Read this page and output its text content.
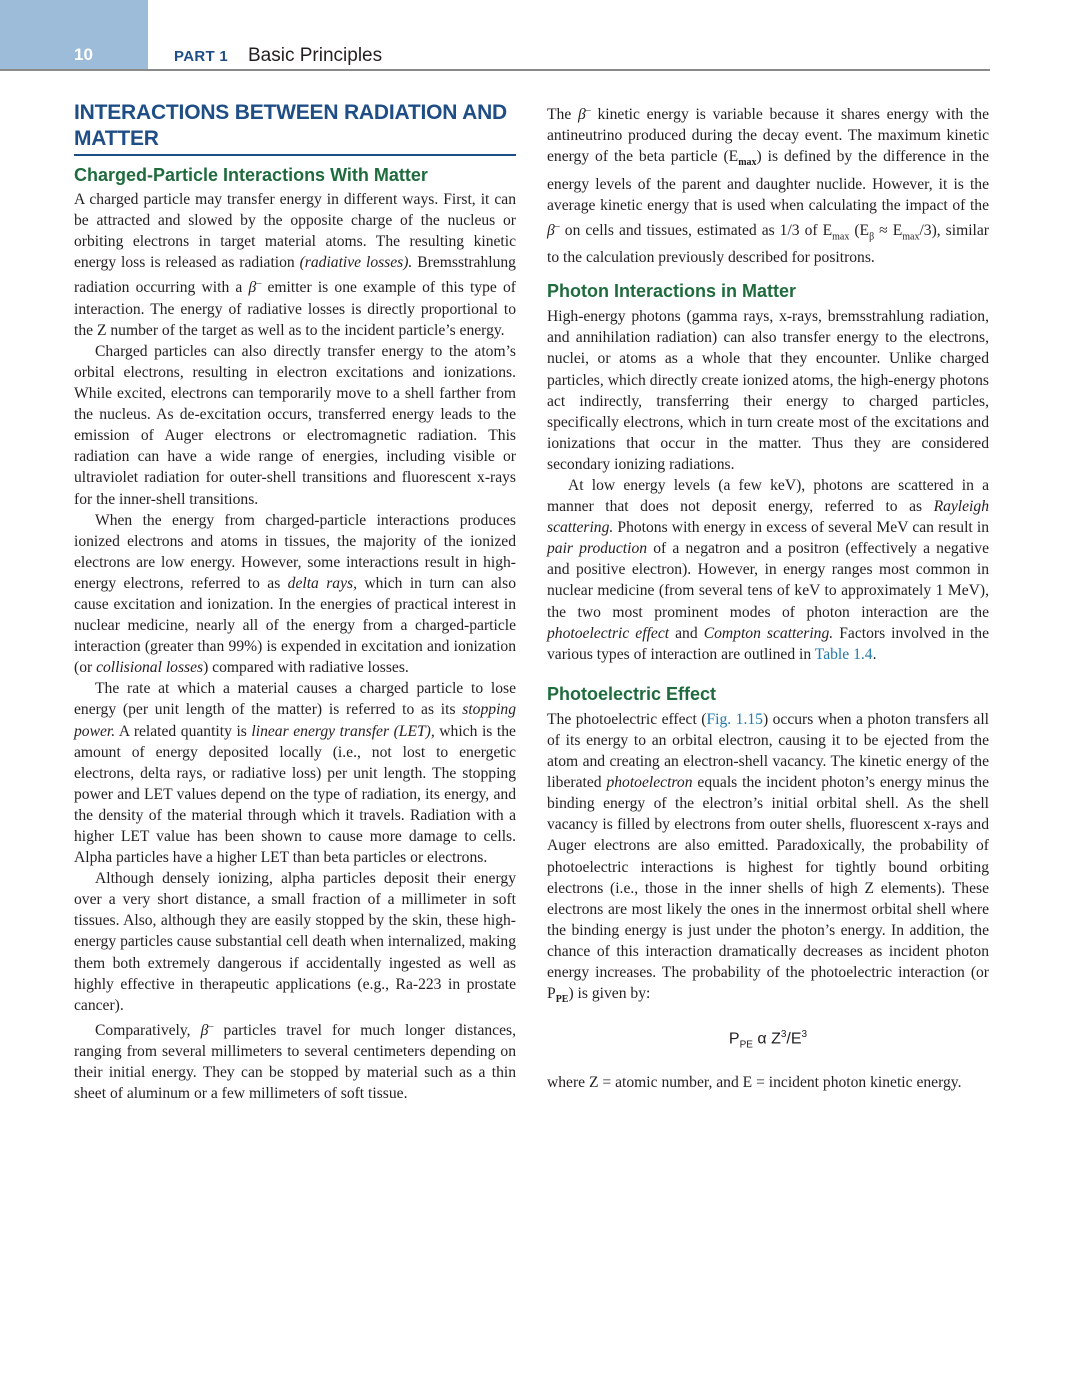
10	PART 1 Basic Principles
INTERACTIONS BETWEEN RADIATION AND MATTER
Charged-Particle Interactions With Matter

A charged particle may transfer energy in different ways. First, it can be attracted and slowed by the opposite charge of the nucleus or orbiting electrons in target material atoms. The resulting kinetic energy loss is released as radiation (radiative losses). Bremsstrahlung radiation occurring with a β– emitter is one example of this type of interaction. The energy of radiative losses is directly proportional to the Z number of the target as well as to the incident particle’s energy.

Charged particles can also directly transfer energy to the atom’s orbital electrons, resulting in electron excitations and ionizations. While excited, electrons can temporarily move to a shell farther from the nucleus. As de-excitation occurs, transferred energy leads to the emission of Auger electrons or electromagnetic radiation. This radiation can have a wide range of energies, including visible or ultraviolet radiation for outer-shell transitions and fluorescent x-rays for the inner-shell transitions.

When the energy from charged-particle interactions produces ionized electrons and atoms in tissues, the majority of the ionized electrons are low energy. However, some interactions result in high-energy electrons, referred to as delta rays, which in turn can also cause excitation and ionization. In the energies of practical interest in nuclear medicine, nearly all of the energy from a charged-particle interaction (greater than 99%) is expended in excitation and ionization (or collisional losses) compared with radiative losses.

The rate at which a material causes a charged particle to lose energy (per unit length of the matter) is referred to as its stopping power. A related quantity is linear energy transfer (LET), which is the amount of energy deposited locally (i.e., not lost to energetic electrons, delta rays, or radiative loss) per unit length. The stopping power and LET values depend on the type of radiation, its energy, and the density of the material through which it travels. Radiation with a higher LET value has been shown to cause more damage to cells. Alpha particles have a higher LET than beta particles or electrons.

Although densely ionizing, alpha particles deposit their energy over a very short distance, a small fraction of a millimeter in soft tissues. Also, although they are easily stopped by the skin, these high-energy particles cause substantial cell death when internalized, making them both extremely dangerous if accidentally ingested as well as highly effective in therapeutic applications (e.g., Ra-223 in prostate cancer).

Comparatively, β– particles travel for much longer distances, ranging from several millimeters to several centimeters depending on their initial energy. They can be stopped by material such as a thin sheet of aluminum or a few millimeters of soft tissue.

The β– kinetic energy is variable because it shares energy with the antineutrino produced during the decay event. The maximum kinetic energy of the beta particle $(E_{max})$ is defined by the difference in the energy levels of the parent and daughter nuclide. However, it is the average kinetic energy that is used when calculating the impact of the β– on cells and tissues, estimated as 1/3 of $E_{max}$ $(E_\beta \approx E_{max}/3)$, similar to the calculation previously described for positrons.

Photon Interactions in Matter

High-energy photons (gamma rays, x-rays, bremsstrahlung radiation, and annihilation radiation) can also transfer energy to the electrons, nuclei, or atoms as a whole that they encounter. Unlike charged particles, which directly create ionized atoms, the high-energy photons act indirectly, transferring their energy to charged particles, specifically electrons, which in turn create most of the excitations and ionizations that occur in the matter. Thus they are considered secondary ionizing radiations.

At low energy levels (a few keV), photons are scattered in a manner that does not deposit energy, referred to as Rayleigh scattering. Photons with energy in excess of several MeV can result in pair production of a negatron and a positron (effectively a negative and positive electron). However, in energy ranges most common in nuclear medicine (from several tens of keV to approximately 1 MeV), the two most prominent modes of photon interaction are the photoelectric effect and Compton scattering. Factors involved in the various types of interaction are outlined in Table 1.4.

Photoelectric Effect

The photoelectric effect (Fig. 1.15) occurs when a photon transfers all of its energy to an orbital electron, causing it to be ejected from the atom and creating an electron-shell vacancy. The kinetic energy of the liberated photoelectron equals the incident photon’s energy minus the binding energy of the electron’s initial orbital shell. As the shell vacancy is filled by electrons from outer shells, fluorescent x-rays and Auger electrons are also emitted. Paradoxically, the probability of photoelectric interactions is highest for tightly bound orbiting electrons (i.e., those in the inner shells of high Z elements). These electrons are most likely the ones in the innermost orbital shell where the binding energy is just under the photon’s energy. In addition, the chance of this interaction dramatically decreases as incident photon energy increases. The probability of the photoelectric interaction (or $P_{PE}$) is given by:

$P_{PE}$ α $Z^3/E^3$

where Z = atomic number, and E = incident photon kinetic energy.
